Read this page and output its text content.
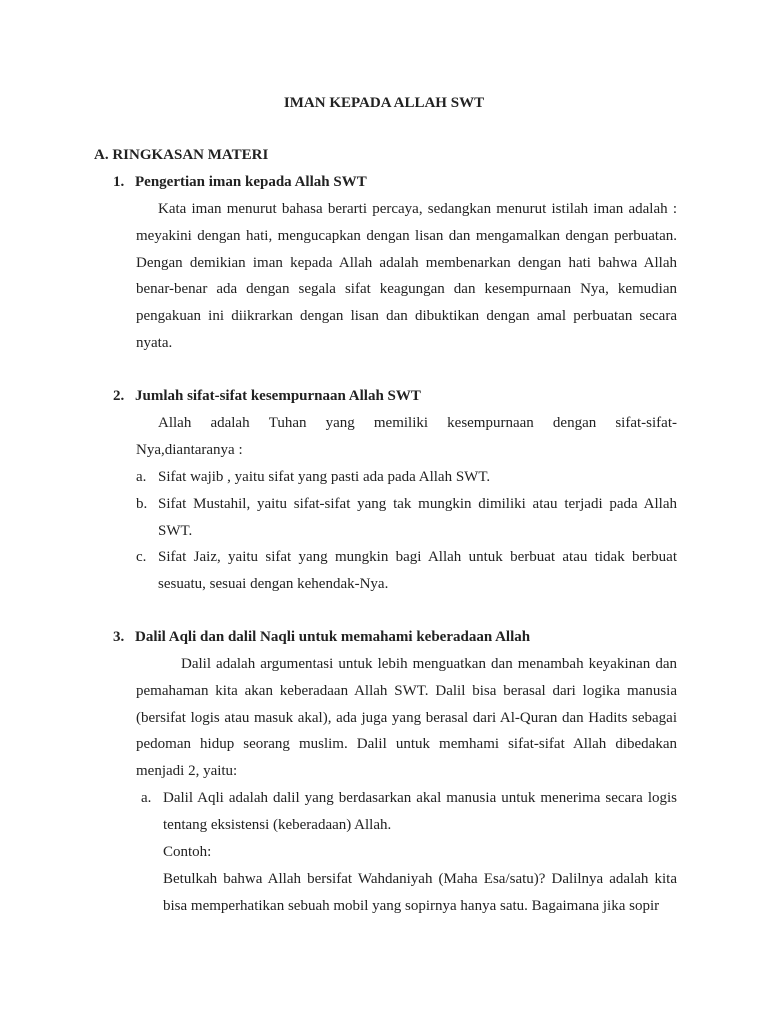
IMAN KEPADA ALLAH SWT
A. RINGKASAN MATERI
1. Pengertian iman kepada Allah SWT

Kata iman menurut bahasa berarti percaya, sedangkan menurut istilah iman adalah : meyakini dengan hati, mengucapkan dengan lisan dan mengamalkan dengan perbuatan. Dengan demikian iman kepada Allah adalah membenarkan dengan hati bahwa Allah benar-benar ada dengan segala sifat keagungan dan kesempurnaan Nya, kemudian pengakuan ini diikrarkan dengan lisan dan dibuktikan dengan amal perbuatan secara nyata.

2. Jumlah sifat-sifat kesempurnaan Allah SWT
Allah adalah Tuhan yang memiliki kesempurnaan dengan sifat-sifat-
Nya,diantaranya :
a. Sifat wajib , yaitu sifat yang pasti ada pada Allah SWT.
b. Sifat Mustahil, yaitu sifat-sifat yang tak mungkin dimiliki atau terjadi pada Allah SWT.
c. Sifat Jaiz, yaitu sifat yang mungkin bagi Allah untuk berbuat atau tidak berbuat sesuatu, sesuai dengan kehendak-Nya.
3. Dalil Aqli dan dalil Naqli untuk memahami keberadaan Allah

Dalil adalah argumentasi untuk lebih menguatkan dan menambah keyakinan dan pemahaman kita akan keberadaan Allah SWT. Dalil bisa berasal dari logika manusia (bersifat logis atau masuk akal), ada juga yang berasal dari Al-Quran dan Hadits sebagai pedoman hidup seorang muslim. Dalil untuk memhami sifat-sifat Allah dibedakan menjadi 2, yaitu:

a. Dalil Aqli adalah dalil yang berdasarkan akal manusia untuk menerima secara logis tentang eksistensi (keberadaan) Allah.

Contoh:

Betulkah bahwa Allah bersifat Wahdaniyah (Maha Esa/satu)? Dalilnya adalah kita bisa memperhatikan sebuah mobil yang sopirnya hanya satu. Bagaimana jika sopir
